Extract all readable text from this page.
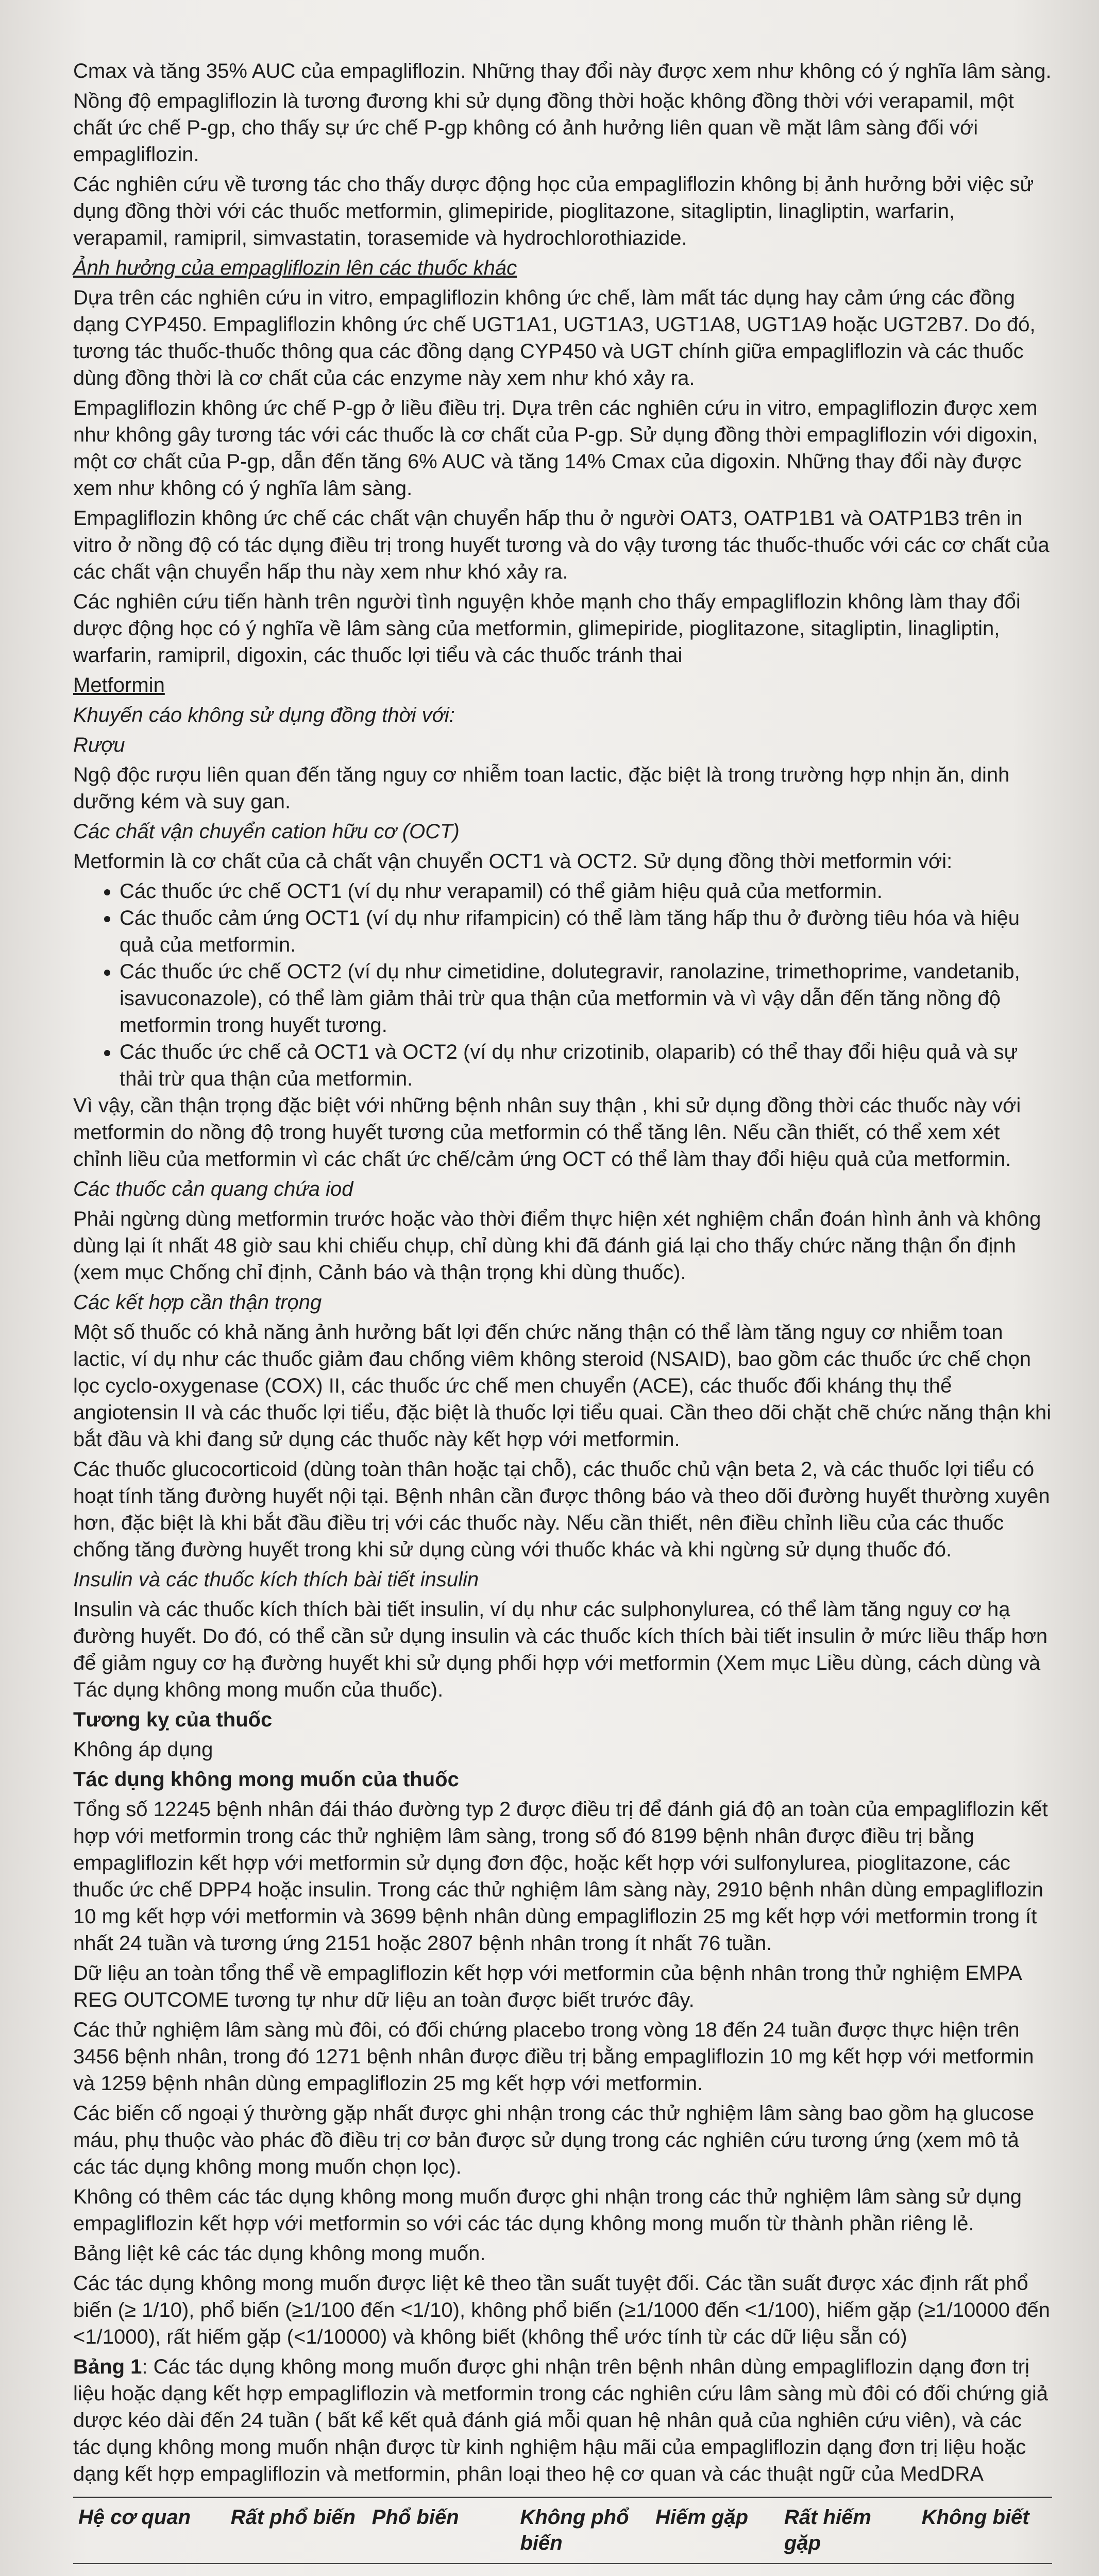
Cmax và tăng 35% AUC của empagliflozin. Những thay đổi này được xem như không có ý nghĩa lâm sàng.

Nồng độ empagliflozin là tương đương khi sử dụng đồng thời hoặc không đồng thời với verapamil, một chất ức chế P-gp, cho thấy sự ức chế P-gp không có ảnh hưởng liên quan về mặt lâm sàng đối với empagliflozin.

Các nghiên cứu về tương tác cho thấy dược động học của empagliflozin không bị ảnh hưởng bởi việc sử dụng đồng thời với các thuốc metformin, glimepiride, pioglitazone, sitagliptin, linagliptin, warfarin, verapamil, ramipril, simvastatin, torasemide và hydrochlorothiazide.

Ảnh hưởng của empagliflozin lên các thuốc khác

Dựa trên các nghiên cứu in vitro, empagliflozin không ức chế, làm mất tác dụng hay cảm ứng các đồng dạng CYP450. Empagliflozin không ức chế UGT1A1, UGT1A3, UGT1A8, UGT1A9 hoặc UGT2B7. Do đó, tương tác thuốc-thuốc thông qua các đồng dạng CYP450 và UGT chính giữa empagliflozin và các thuốc dùng đồng thời là cơ chất của các enzyme này xem như khó xảy ra.

Empagliflozin không ức chế P-gp ở liều điều trị. Dựa trên các nghiên cứu in vitro, empagliflozin được xem như không gây tương tác với các thuốc là cơ chất của P-gp. Sử dụng đồng thời empagliflozin với digoxin, một cơ chất của P-gp, dẫn đến tăng 6% AUC và tăng 14% Cmax của digoxin. Những thay đổi này được xem như không có ý nghĩa lâm sàng.

Empagliflozin không ức chế các chất vận chuyển hấp thu ở người OAT3, OATP1B1 và OATP1B3 trên in vitro ở nồng độ có tác dụng điều trị trong huyết tương và do vậy tương tác thuốc-thuốc với các cơ chất của các chất vận chuyển hấp thu này xem như khó xảy ra.

Các nghiên cứu tiến hành trên người tình nguyện khỏe mạnh cho thấy empagliflozin không làm thay đổi dược động học có ý nghĩa về lâm sàng của metformin, glimepiride, pioglitazone, sitagliptin, linagliptin, warfarin, ramipril, digoxin, các thuốc lợi tiểu và các thuốc tránh thai

Metformin

Khuyến cáo không sử dụng đồng thời với:

Rượu

Ngộ độc rượu liên quan đến tăng nguy cơ nhiễm toan lactic, đặc biệt là trong trường hợp nhịn ăn, dinh dưỡng kém và suy gan.

Các chất vận chuyển cation hữu cơ (OCT)

Metformin là cơ chất của cả chất vận chuyển OCT1 và OCT2. Sử dụng đồng thời metformin với:

• Các thuốc ức chế OCT1 (ví dụ như verapamil) có thể giảm hiệu quả của metformin.
• Các thuốc cảm ứng OCT1 (ví dụ như rifampicin) có thể làm tăng hấp thu ở đường tiêu hóa và hiệu quả của metformin.
• Các thuốc ức chế OCT2 (ví dụ như cimetidine, dolutegravir, ranolazine, trimethoprime, vandetanib, isavuconazole), có thể làm giảm thải trừ qua thận của metformin và vì vậy dẫn đến tăng nồng độ metformin trong huyết tương.
• Các thuốc ức chế cả OCT1 và OCT2 (ví dụ như crizotinib, olaparib) có thể thay đổi hiệu quả và sự thải trừ qua thận của metformin.

Vì vậy, cần thận trọng đặc biệt với những bệnh nhân suy thận , khi sử dụng đồng thời các thuốc này với metformin do nồng độ trong huyết tương của metformin có thể tăng lên. Nếu cần thiết, có thể xem xét chỉnh liều của metformin vì các chất ức chế/cảm ứng OCT có thể làm thay đổi hiệu quả của metformin.

Các thuốc cản quang chứa iod

Phải ngừng dùng metformin trước hoặc vào thời điểm thực hiện xét nghiệm chẩn đoán hình ảnh và không dùng lại ít nhất 48 giờ sau khi chiếu chụp, chỉ dùng khi đã đánh giá lại cho thấy chức năng thận ổn định (xem mục Chống chỉ định, Cảnh báo và thận trọng khi dùng thuốc).

Các kết hợp cần thận trọng

Một số thuốc có khả năng ảnh hưởng bất lợi đến chức năng thận có thể làm tăng nguy cơ nhiễm toan lactic, ví dụ như các thuốc giảm đau chống viêm không steroid (NSAID), bao gồm các thuốc ức chế chọn lọc cyclo-oxygenase (COX) II, các thuốc ức chế men chuyển (ACE), các thuốc đối kháng thụ thể angiotensin II và các thuốc lợi tiểu, đặc biệt là thuốc lợi tiểu quai. Cần theo dõi chặt chẽ chức năng thận khi bắt đầu và khi đang sử dụng các thuốc này kết hợp với metformin.

Các thuốc glucocorticoid (dùng toàn thân hoặc tại chỗ), các thuốc chủ vận beta 2, và các thuốc lợi tiểu có hoạt tính tăng đường huyết nội tại. Bệnh nhân cần được thông báo và theo dõi đường huyết thường xuyên hơn, đặc biệt là khi bắt đầu điều trị với các thuốc này. Nếu cần thiết, nên điều chỉnh liều của các thuốc chống tăng đường huyết trong khi sử dụng cùng với thuốc khác và khi ngừng sử dụng thuốc đó.

Insulin và các thuốc kích thích bài tiết insulin

Insulin và các thuốc kích thích bài tiết insulin, ví dụ như các sulphonylurea, có thể làm tăng nguy cơ hạ đường huyết. Do đó, có thể cần sử dụng insulin và các thuốc kích thích bài tiết insulin ở mức liều thấp hơn để giảm nguy cơ hạ đường huyết khi sử dụng phối hợp với metformin (Xem mục Liều dùng, cách dùng và Tác dụng không mong muốn của thuốc).

Tương kỵ của thuốc

Không áp dụng

Tác dụng không mong muốn của thuốc

Tổng số 12245 bệnh nhân đái tháo đường typ 2 được điều trị để đánh giá độ an toàn của empagliflozin kết hợp với metformin trong các thử nghiệm lâm sàng, trong số đó 8199 bệnh nhân được điều trị bằng empagliflozin kết hợp với metformin sử dụng đơn độc, hoặc kết hợp với sulfonylurea, pioglitazone, các thuốc ức chế DPP4 hoặc insulin. Trong các thử nghiệm lâm sàng này, 2910 bệnh nhân dùng empagliflozin 10 mg kết hợp với metformin và 3699 bệnh nhân dùng empagliflozin 25 mg kết hợp với metformin trong ít nhất 24 tuần và tương ứng 2151 hoặc 2807 bệnh nhân trong ít nhất 76 tuần.

Dữ liệu an toàn tổng thể về empagliflozin kết hợp với metformin của bệnh nhân trong thử nghiệm EMPA REG OUTCOME tương tự như dữ liệu an toàn được biết trước đây.

Các thử nghiệm lâm sàng mù đôi, có đối chứng placebo trong vòng 18 đến 24 tuần được thực hiện trên 3456 bệnh nhân, trong đó 1271 bệnh nhân được điều trị bằng empagliflozin 10 mg kết hợp với metformin và 1259 bệnh nhân dùng empagliflozin 25 mg kết hợp với metformin.

Các biến cố ngoại ý thường gặp nhất được ghi nhận trong các thử nghiệm lâm sàng bao gồm hạ glucose máu, phụ thuộc vào phác đồ điều trị cơ bản được sử dụng trong các nghiên cứu tương ứng (xem mô tả các tác dụng không mong muốn chọn lọc).

Không có thêm các tác dụng không mong muốn được ghi nhận trong các thử nghiệm lâm sàng sử dụng empagliflozin kết hợp với metformin so với các tác dụng không mong muốn từ thành phần riêng lẻ.

Bảng liệt kê các tác dụng không mong muốn.

Các tác dụng không mong muốn được liệt kê theo tần suất tuyệt đối. Các tần suất được xác định rất phổ biến (≥ 1/10), phổ biến (≥1/100 đến <1/10), không phổ biến (≥1/1000 đến <1/100), hiếm gặp (≥1/10000 đến <1/1000), rất hiếm gặp (<1/10000) và không biết (không thể ước tính từ các dữ liệu sẵn có)

Bảng 1: Các tác dụng không mong muốn được ghi nhận trên bệnh nhân dùng empagliflozin dạng đơn trị liệu hoặc dạng kết hợp empagliflozin và metformin trong các nghiên cứu lâm sàng mù đôi có đối chứng giả dược kéo dài đến 24 tuần ( bất kể kết quả đánh giá mỗi quan hệ nhân quả của nghiên cứu viên), và các tác dụng không mong muốn nhận được từ kinh nghiệm hậu mãi của empagliflozin dạng đơn trị liệu hoặc dạng kết hợp empagliflozin và metformin, phân loại theo hệ cơ quan và các thuật ngữ của MedDRA

Hệ cơ quan	Rất phổ biến	Phổ biến	Không phổ biến	Hiếm gặp	Rất hiếm gặp	Không biết
